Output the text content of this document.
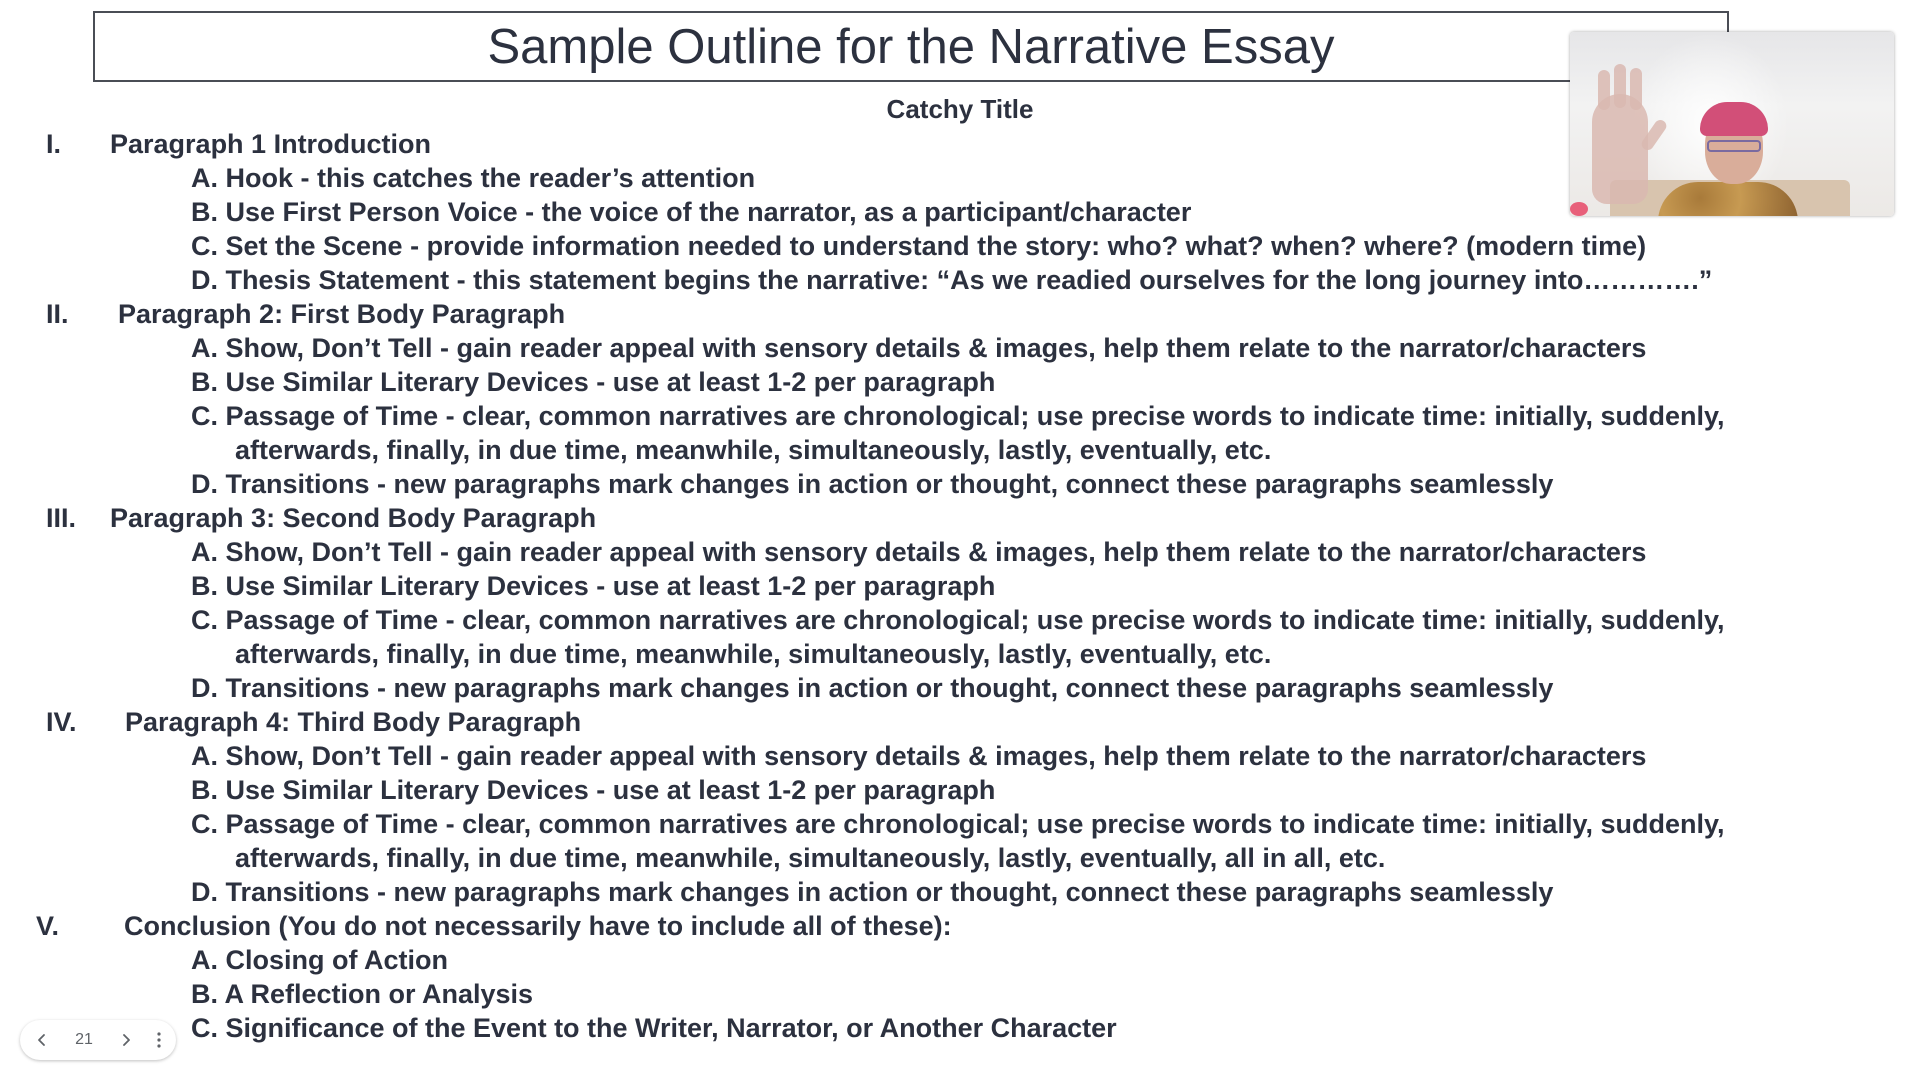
Sample Outline for the Narrative Essay
Catchy Title
I. Paragraph 1 Introduction
A. Hook - this catches the reader’s attention
B. Use First Person Voice - the voice of the narrator, as a participant/character
C. Set the Scene - provide information needed to understand the story: who? what? when? where? (modern time)
D. Thesis Statement - this statement begins the narrative: “As we readied ourselves for the long journey into………….”
II. Paragraph 2: First Body Paragraph
A. Show, Don’t Tell - gain reader appeal with sensory details & images, help them relate to the narrator/characters
B. Use Similar Literary Devices - use at least 1-2 per paragraph
C. Passage of Time - clear, common narratives are chronological; use precise words to indicate time: initially, suddenly,
afterwards, finally, in due time, meanwhile, simultaneously, lastly, eventually, etc.
D. Transitions - new paragraphs mark changes in action or thought, connect these paragraphs seamlessly
III. Paragraph 3: Second Body Paragraph
A. Show, Don’t Tell - gain reader appeal with sensory details & images, help them relate to the narrator/characters
B. Use Similar Literary Devices - use at least 1-2 per paragraph
C. Passage of Time - clear, common narratives are chronological; use precise words to indicate time: initially, suddenly,
afterwards, finally, in due time, meanwhile, simultaneously, lastly, eventually, etc.
D. Transitions - new paragraphs mark changes in action or thought, connect these paragraphs seamlessly
IV. Paragraph 4: Third Body Paragraph
A. Show, Don’t Tell - gain reader appeal with sensory details & images, help them relate to the narrator/characters
B. Use Similar Literary Devices - use at least 1-2 per paragraph
C. Passage of Time - clear, common narratives are chronological; use precise words to indicate time: initially, suddenly,
afterwards, finally, in due time, meanwhile, simultaneously, lastly, eventually, all in all, etc.
D. Transitions - new paragraphs mark changes in action or thought, connect these paragraphs seamlessly
V. Conclusion (You do not necessarily have to include all of these):
A. Closing of Action
B. A Reflection or Analysis
C. Significance of the Event to the Writer, Narrator, or Another Character
21
